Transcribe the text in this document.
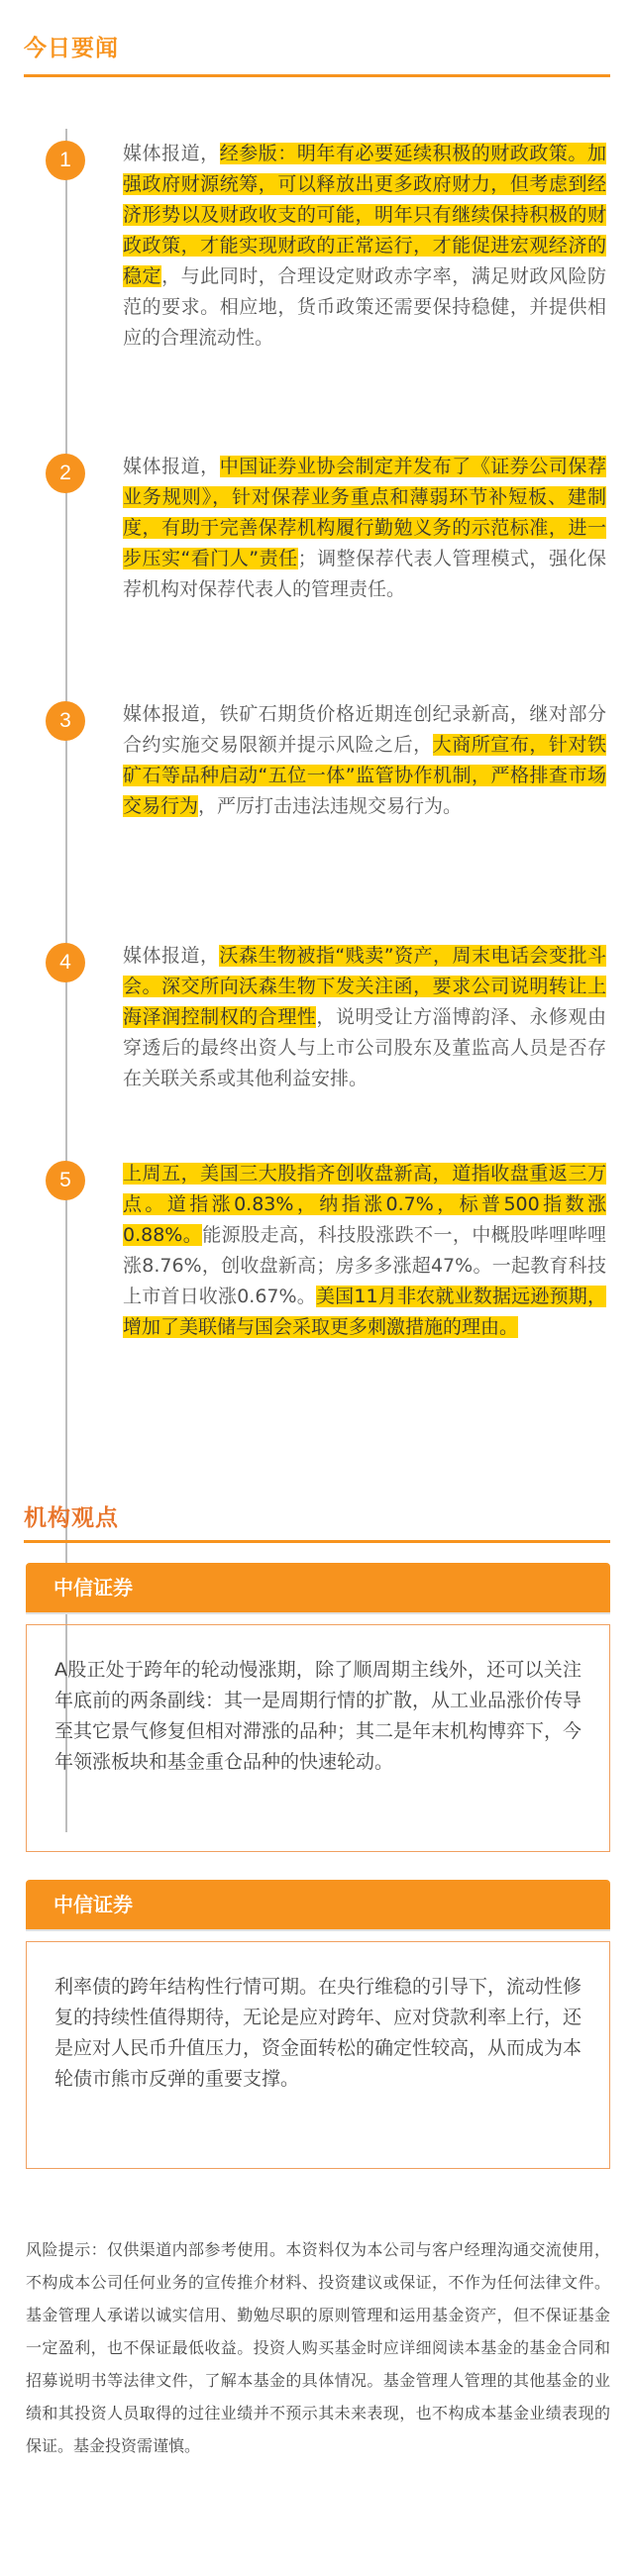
今日要闻
1	媒体报道，经参版：明年有必要延续积极的财政政策。加强政府财源统筹，可以释放出更多政府财力，但考虑到经济形势以及财政收支的可能，明年只有继续保持积极的财政政策，才能实现财政的正常运行，才能促进宏观经济的稳定，与此同时，合理设定财政赤字率，满足财政风险防范的要求。相应地，货币政策还需要保持稳健，并提供相应的合理流动性。
2	媒体报道，中国证券业协会制定并发布了《证券公司保荐业务规则》，针对保荐业务重点和薄弱环节补短板、建制度，有助于完善保荐机构履行勤勉义务的示范标准，进一步压实“看门人”责任；调整保荐代表人管理模式，强化保荐机构对保荐代表人的管理责任。
3	媒体报道，铁矿石期货价格近期连创纪录新高，继对部分合约实施交易限额并提示风险之后，大商所宣布，针对铁矿石等品种启动“五位一体”监管协作机制，严格排查市场交易行为，严厉打击违法违规交易行为。
4	媒体报道，沃森生物被指“贱卖”资产，周末电话会变批斗会。深交所向沃森生物下发关注函，要求公司说明转让上海泽润控制权的合理性，说明受让方淄博韵泽、永修观由穿透后的最终出资人与上市公司股东及董监高人员是否存在关联关系或其他利益安排。
5	上周五，美国三大股指齐创收盘新高，道指收盘重返三万点。道指涨0.83%，纳指涨0.7%，标普500指数涨0.88%。能源股走高，科技股涨跌不一，中概股哔哩哔哩涨8.76%，创收盘新高；房多多涨超47%。一起教育科技上市首日收涨0.67%。美国11月非农就业数据远逊预期，增加了美联储与国会采取更多刺激措施的理由。
机构观点
中信证券
A股正处于跨年的轮动慢涨期，除了顺周期主线外，还可以关注年底前的两条副线：其一是周期行情的扩散，从工业品涨价传导至其它景气修复但相对滞涨的品种；其二是年末机构博弈下，今年领涨板块和基金重仓品种的快速轮动。
中信证券
利率债的跨年结构性行情可期。在央行维稳的引导下，流动性修复的持续性值得期待，无论是应对跨年、应对贷款利率上行，还是应对人民币升值压力，资金面转松的确定性较高，从而成为本轮债市熊市反弹的重要支撑。
风险提示：仅供渠道内部参考使用。本资料仅为本公司与客户经理沟通交流使用，不构成本公司任何业务的宣传推介材料、投资建议或保证，不作为任何法律文件。基金管理人承诺以诚实信用、勤勉尽职的原则管理和运用基金资产，但不保证基金一定盈利，也不保证最低收益。投资人购买基金时应详细阅读本基金的基金合同和招募说明书等法律文件，了解本基金的具体情况。基金管理人管理的其他基金的业绩和其投资人员取得的过往业绩并不预示其未来表现，也不构成本基金业绩表现的保证。基金投资需谨慎。
